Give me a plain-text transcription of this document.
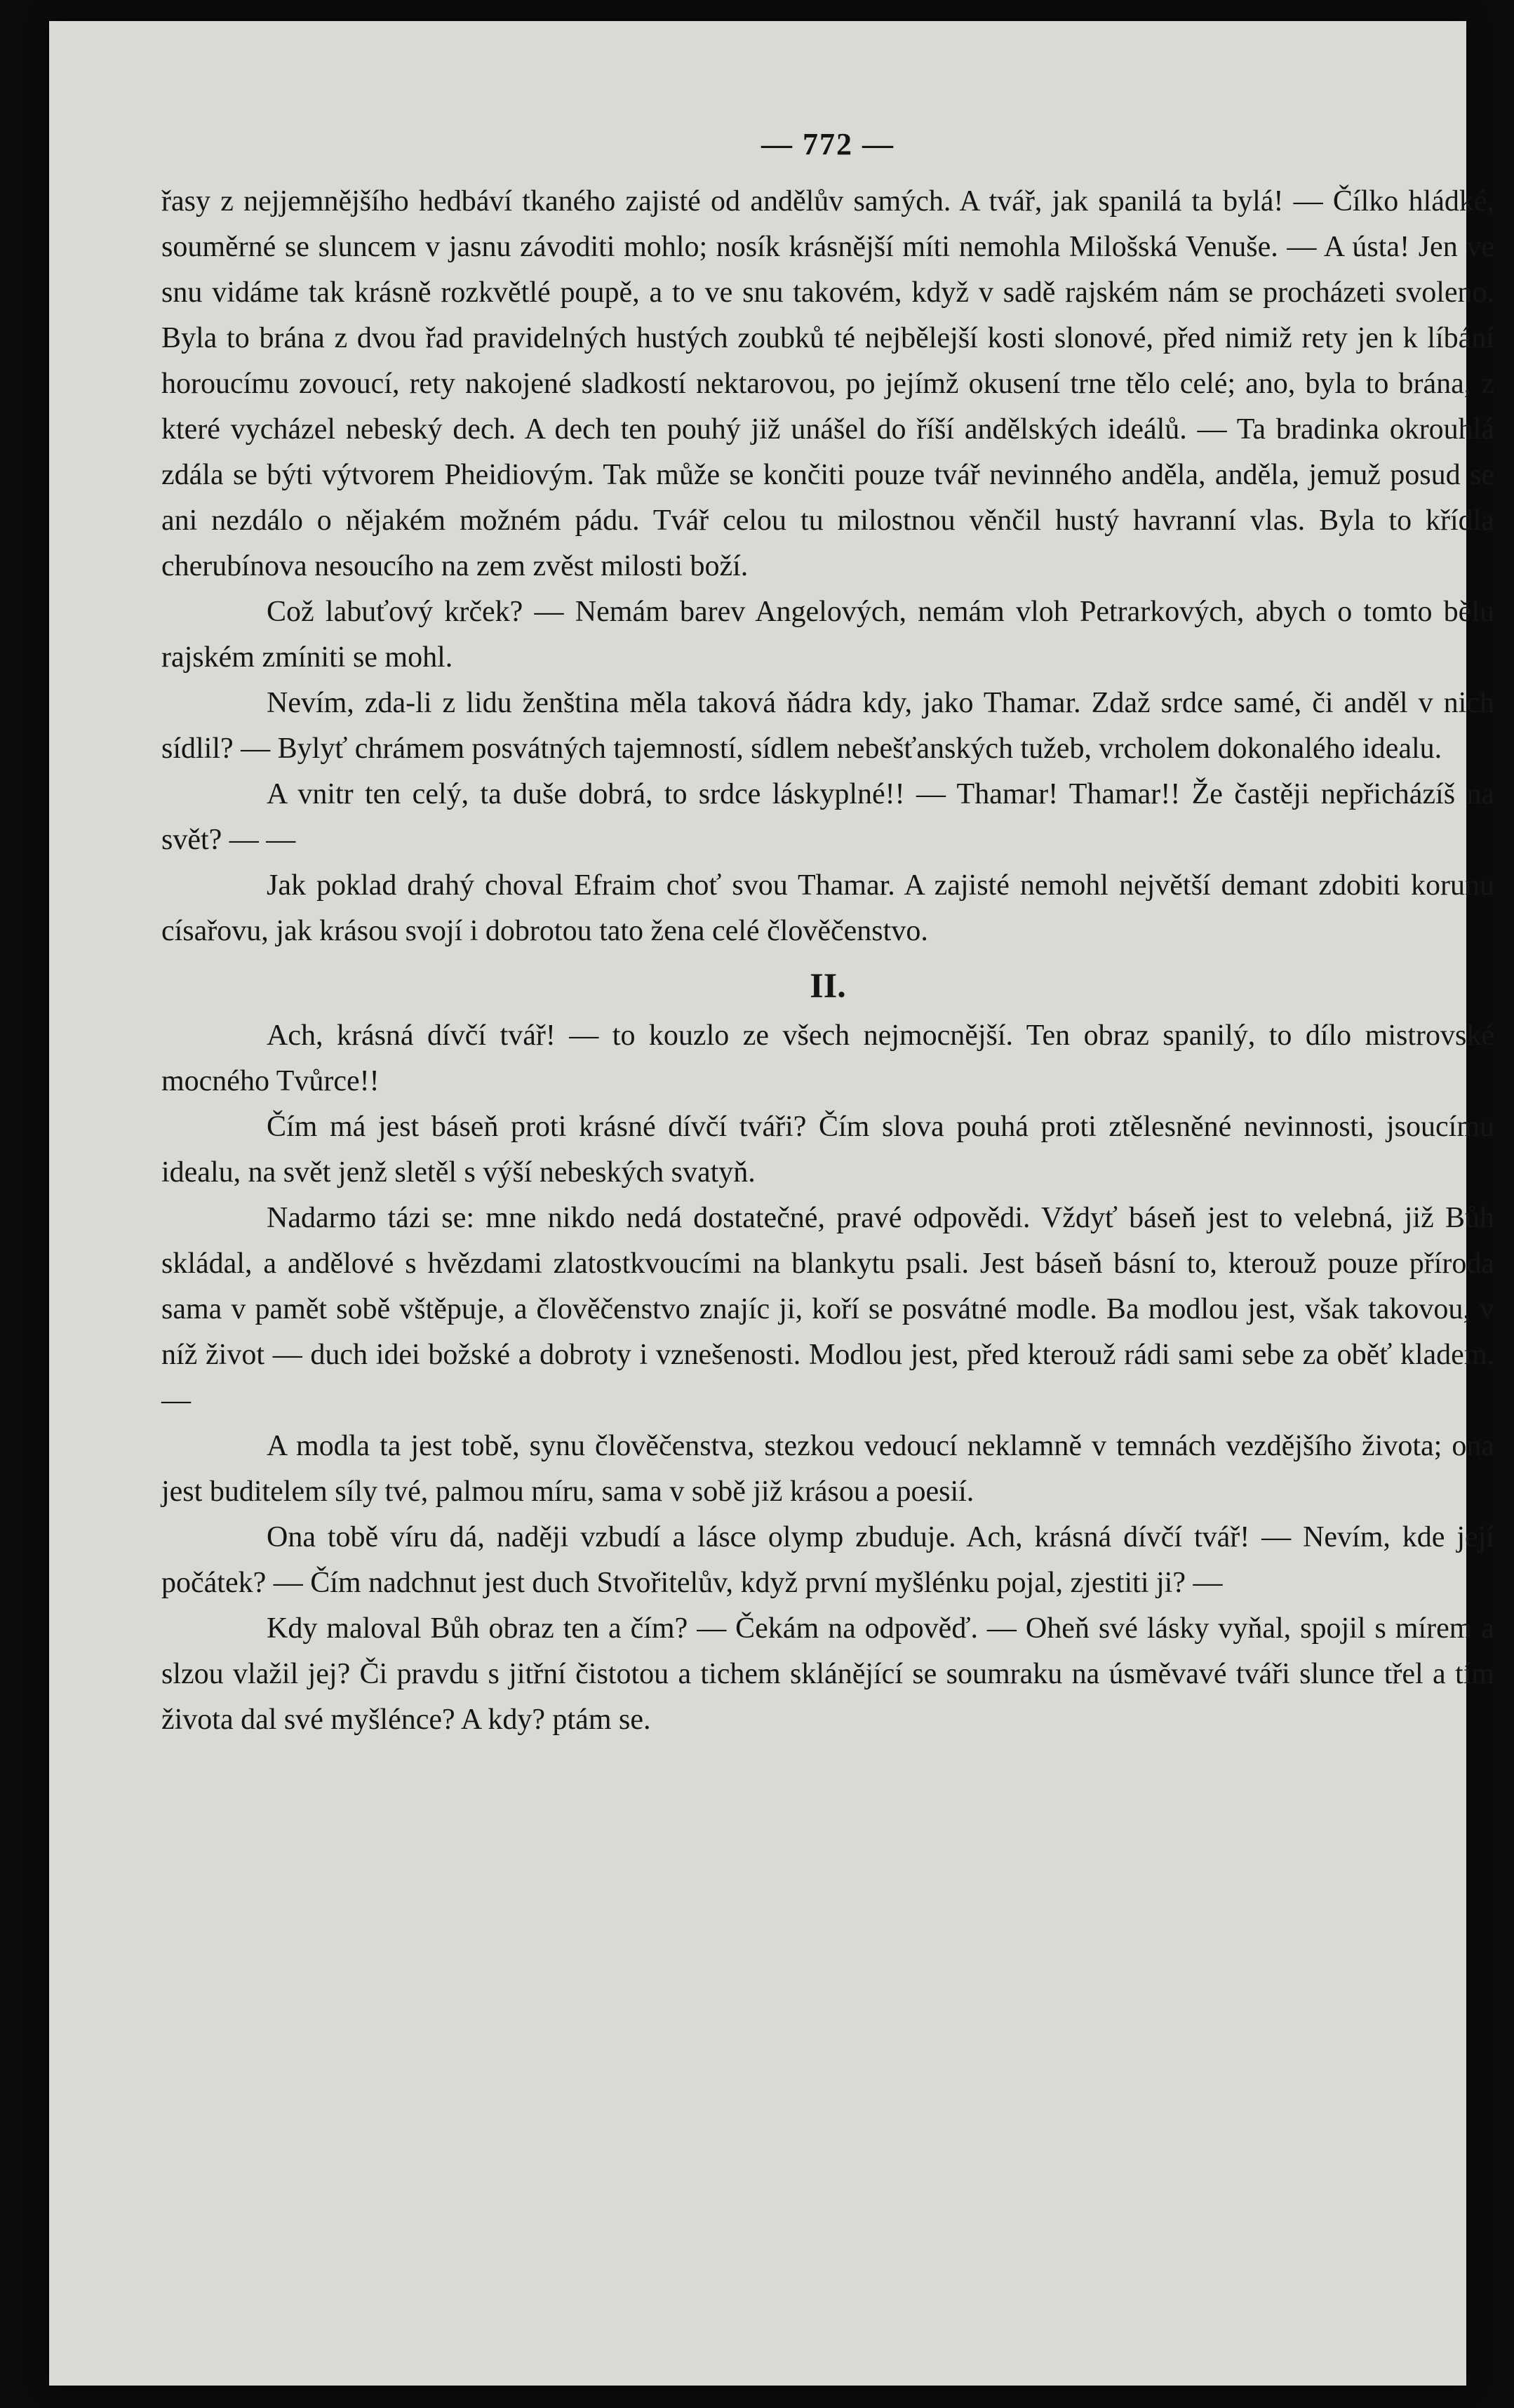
— 772 —

řasy z nejjemnějšího hedbáví tkaného zajisté od andělův samých. A tvář, jak spanilá ta bylá! — Čílko hládké, souměrné se sluncem v jasnu závoditi mohlo; nosík krásnější míti nemohla Milošská Venuše. — A ústa! Jen ve snu vidáme tak krásně rozkvětlé poupě, a to ve snu takovém, když v sadě rajském nám se procházeti svoleno. Byla to brána z dvou řad pravidelných hustých zoubků té nejbělejší kosti slonové, před nimiž rety jen k líbání horoucímu zovoucí, rety nakojené sladkostí nektarovou, po jejímž okusení trne tělo celé; ano, byla to brána, z které vycházel nebeský dech. A dech ten pouhý již unášel do říší andělských ideálů. — Ta bradinka okrouhlá zdála se býti výtvorem Pheidiovým. Tak může se končiti pouze tvář nevinného anděla, anděla, jemuž posud se ani nezdálo o nějakém možném pádu. Tvář celou tu milostnou věnčil hustý havranní vlas. Byla to křídla cherubínova nesoucího na zem zvěst milosti boží.

Což labuťový krček? — Nemám barev Angelových, nemám vloh Petrarkových, abych o tomto bělu rajském zmíniti se mohl.

Nevím, zda-li z lidu ženština měla taková ňádra kdy, jako Thamar. Zdaž srdce samé, či anděl v nich sídlil? — Bylyť chrámem posvátných tajemností, sídlem nebešťanských tužeb, vrcholem dokonalého idealu.

A vnitr ten celý, ta duše dobrá, to srdce láskyplné!! — Thamar! Thamar!! Že častěji nepřicházíš na svět? — —

Jak poklad drahý choval Efraim choť svou Thamar. A zajisté nemohl největší demant zdobiti korunu císařovu, jak krásou svojí i dobrotou tato žena celé člověčenstvo.

II.

Ach, krásná dívčí tvář! — to kouzlo ze všech nejmocnější. Ten obraz spanilý, to dílo mistrovské mocného Tvůrce!!

Čím má jest báseň proti krásné dívčí tváři? Čím slova pouhá proti ztělesněné nevinnosti, jsoucímu idealu, na svět jenž sletěl s výší nebeských svatyň.

Nadarmo tázi se: mne nikdo nedá dostatečné, pravé odpovědi. Vždyť báseň jest to velebná, již Bůh skládal, a andělové s hvězdami zlatostkvoucími na blankytu psali. Jest báseň básní to, kterouž pouze příroda sama v pamět sobě vštěpuje, a člověčenstvo znajíc ji, koří se posvátné modle. Ba modlou jest, však takovou, v níž život — duch idei božské a dobroty i vznešenosti. Modlou jest, před kterouž rádi sami sebe za oběť kladem. —

A modla ta jest tobě, synu člověčenstva, stezkou vedoucí neklamně v temnách vezdějšího života; ona jest buditelem síly tvé, palmou míru, sama v sobě již krásou a poesií.

Ona tobě víru dá, naději vzbudí a lásce olymp zbuduje. Ach, krásná dívčí tvář! — Nevím, kde její počátek? — Čím nadchnut jest duch Stvořitelův, když první myšlénku pojal, zjestiti ji? —

Kdy maloval Bůh obraz ten a čím? — Čekám na odpověď. — Oheň své lásky vyňal, spojil s mírem a slzou vlažil jej? Či pravdu s jitřní čistotou a tichem sklánějící se soumraku na úsměvavé tváři slunce třel a tím života dal své myšlénce? A kdy? ptám se.
